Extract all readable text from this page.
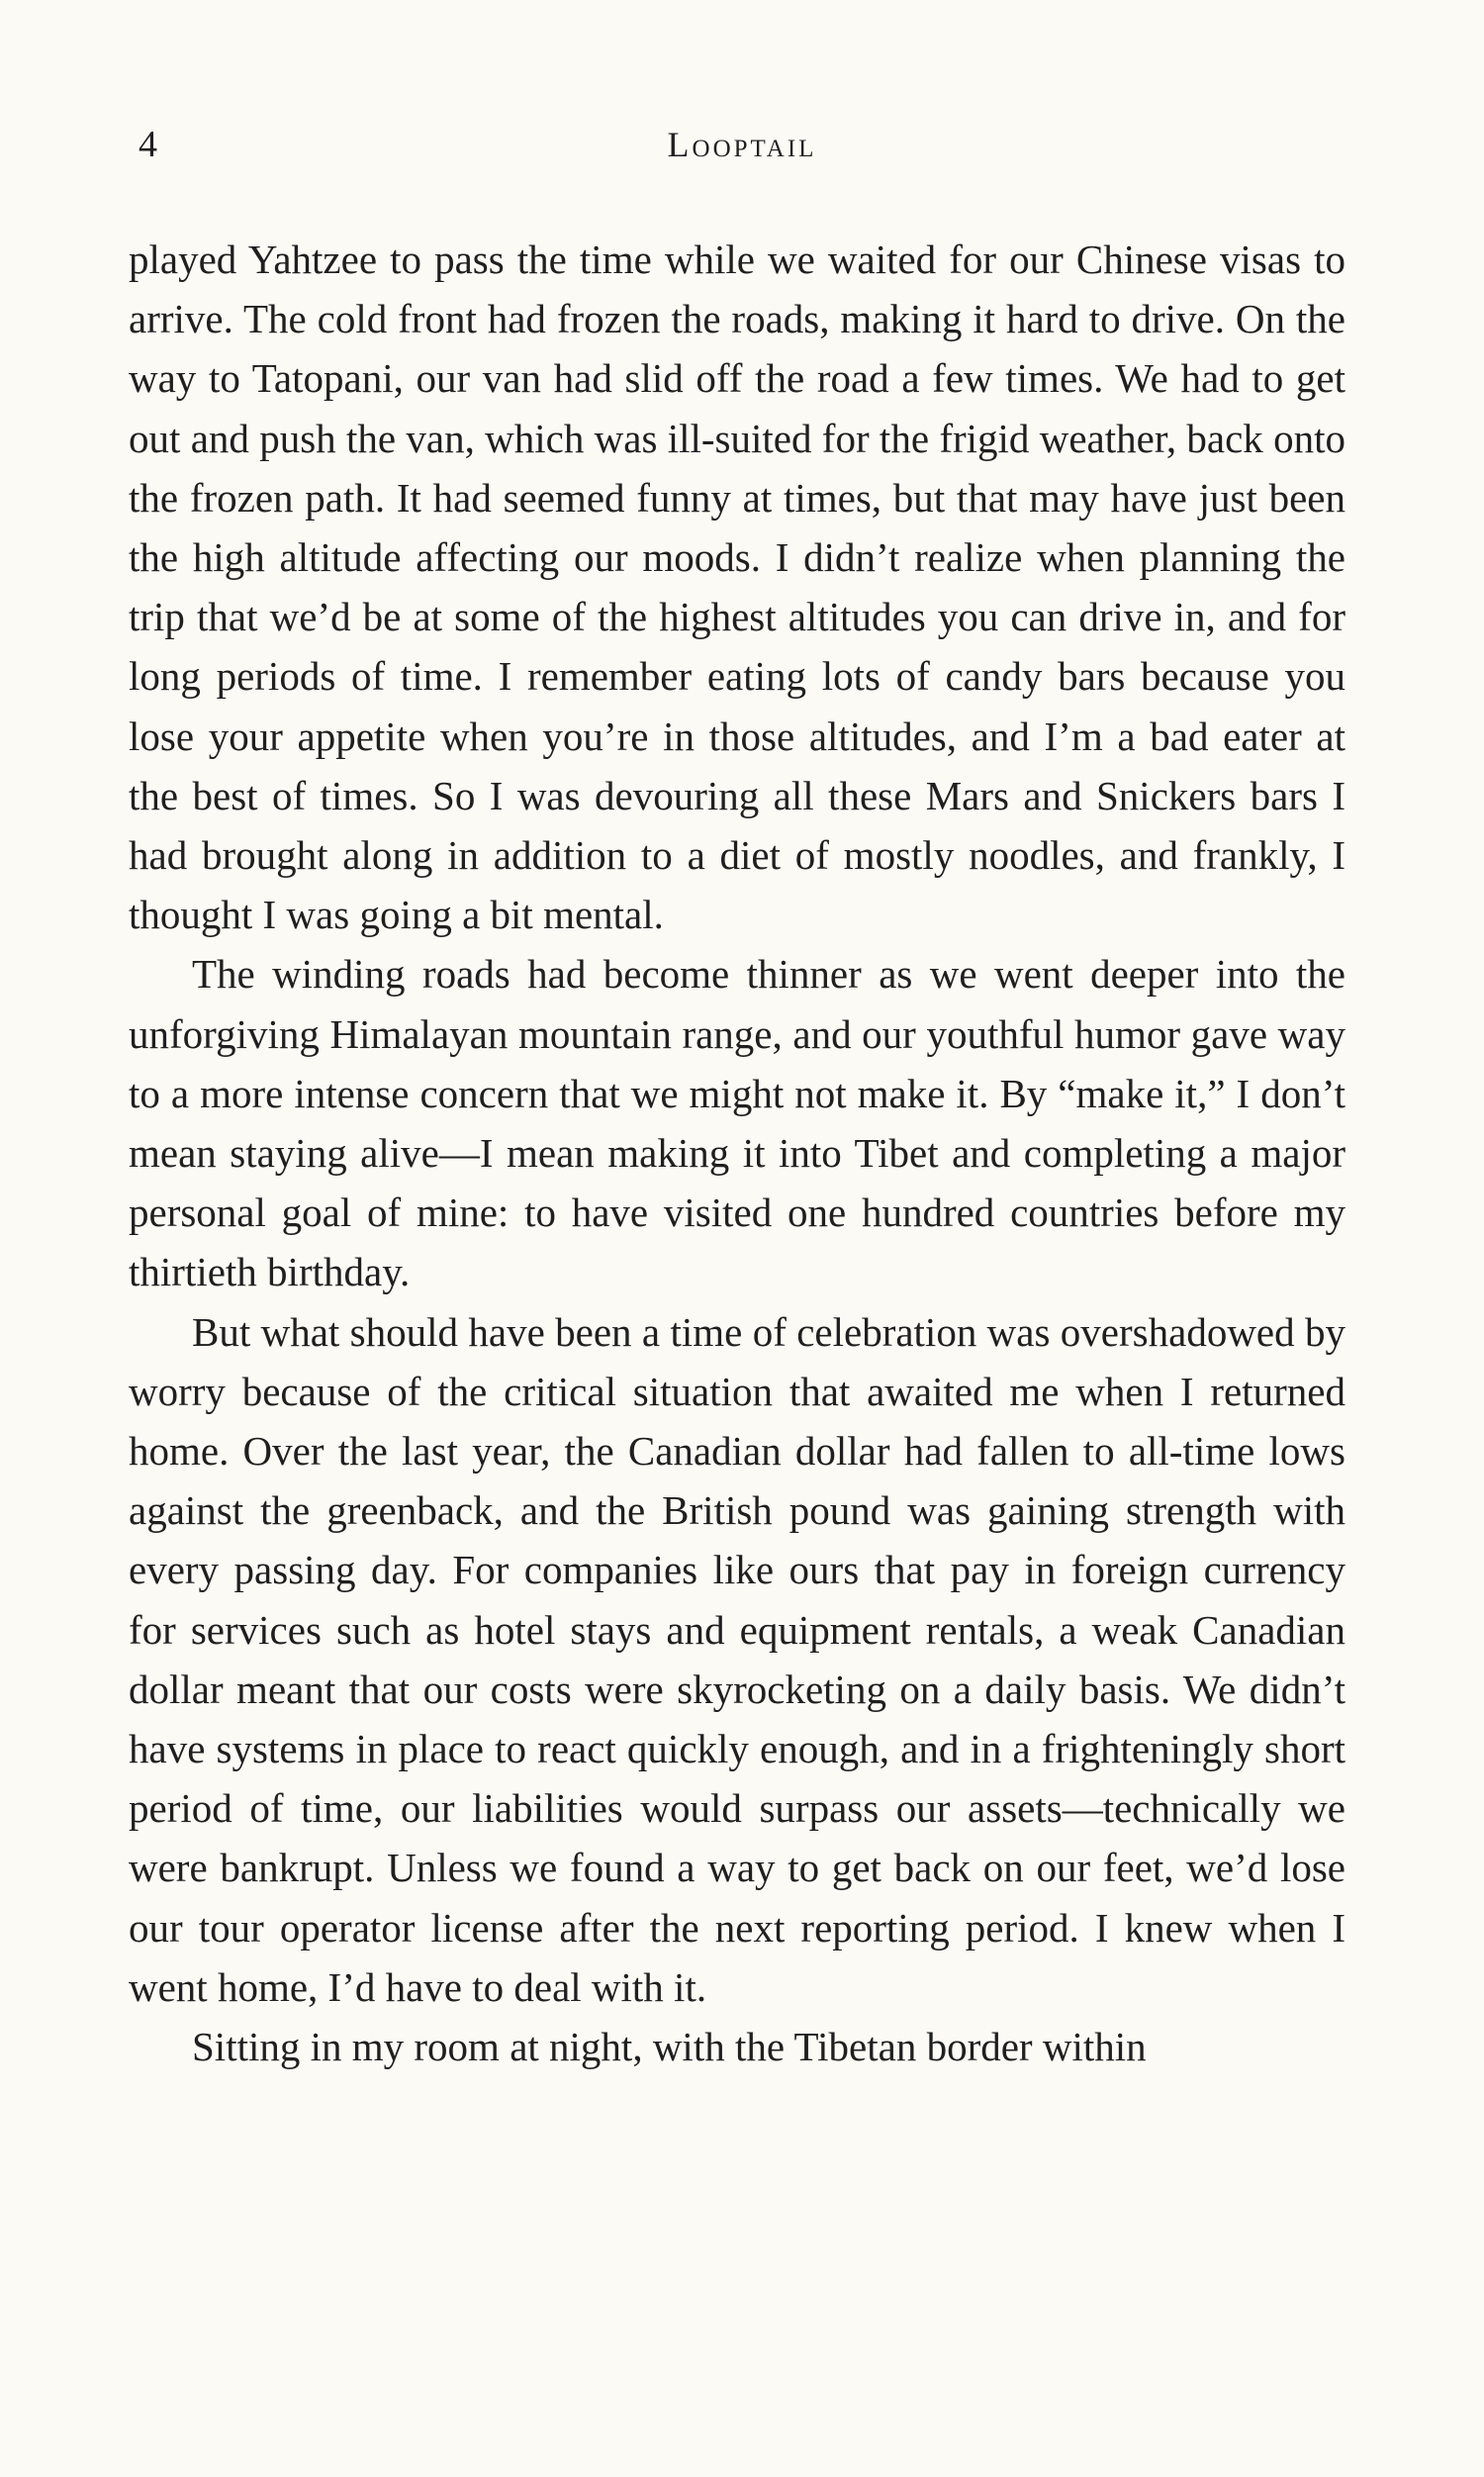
4	Looptail

played Yahtzee to pass the time while we waited for our Chinese visas to arrive. The cold front had frozen the roads, making it hard to drive. On the way to Tatopani, our van had slid off the road a few times. We had to get out and push the van, which was ill-suited for the frigid weather, back onto the frozen path. It had seemed funny at times, but that may have just been the high altitude affecting our moods. I didn’t realize when planning the trip that we’d be at some of the highest altitudes you can drive in, and for long periods of time. I remember eating lots of candy bars because you lose your appetite when you’re in those altitudes, and I’m a bad eater at the best of times. So I was devouring all these Mars and Snickers bars I had brought along in addition to a diet of mostly noodles, and frankly, I thought I was going a bit mental.

The winding roads had become thinner as we went deeper into the unforgiving Himalayan mountain range, and our youthful humor gave way to a more intense concern that we might not make it. By “make it,” I don’t mean staying alive—I mean making it into Tibet and completing a major personal goal of mine: to have visited one hundred countries before my thirtieth birthday.

But what should have been a time of celebration was overshadowed by worry because of the critical situation that awaited me when I returned home. Over the last year, the Canadian dollar had fallen to all-time lows against the greenback, and the British pound was gaining strength with every passing day. For companies like ours that pay in foreign currency for services such as hotel stays and equipment rentals, a weak Canadian dollar meant that our costs were skyrocketing on a daily basis. We didn’t have systems in place to react quickly enough, and in a frighteningly short period of time, our liabilities would surpass our assets—technically we were bankrupt. Unless we found a way to get back on our feet, we’d lose our tour operator license after the next reporting period. I knew when I went home, I’d have to deal with it.

Sitting in my room at night, with the Tibetan border within
